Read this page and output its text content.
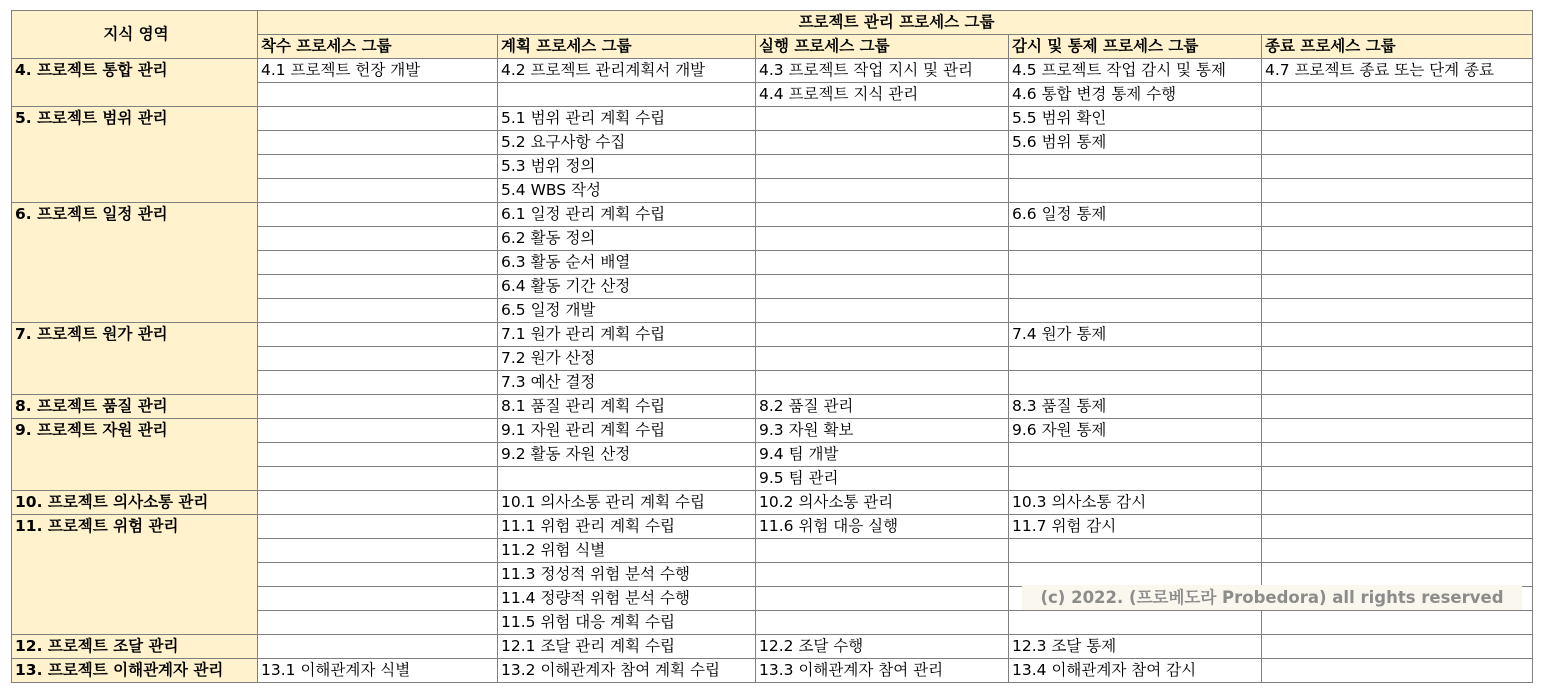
지식 영역	프로젝트 관리 프로세스 그룹				
	착수 프로세스 그룹	계획 프로세스 그룹	실행 프로세스 그룹	감시 및 통제 프로세스 그룹	종료 프로세스 그룹
4. 프로젝트 통합 관리	4.1 프로젝트 헌장 개발	4.2 프로젝트 관리계획서 개발	4.3 프로젝트 작업 지시 및 관리	4.5 프로젝트 작업 감시 및 통제	4.7 프로젝트 종료 또는 단계 종료
			4.4 프로젝트 지식 관리	4.6 통합 변경 통제 수행	
5. 프로젝트 범위 관리		5.1 범위 관리 계획 수립		5.5 범위 확인	
		5.2 요구사항 수집		5.6 범위 통제	
		5.3 범위 정의			
		5.4 WBS 작성			
6. 프로젝트 일정 관리		6.1 일정 관리 계획 수립		6.6 일정 통제	
		6.2 활동 정의			
		6.3 활동 순서 배열			
		6.4 활동 기간 산정			
		6.5 일정 개발			
7. 프로젝트 원가 관리		7.1 원가 관리 계획 수립		7.4 원가 통제	
		7.2 원가 산정			
		7.3 예산 결정			
8. 프로젝트 품질 관리		8.1 품질 관리 계획 수립	8.2 품질 관리	8.3 품질 통제	
9. 프로젝트 자원 관리		9.1 자원 관리 계획 수립	9.3 자원 확보	9.6 자원 통제	
		9.2 활동 자원 산정	9.4 팀 개발		
			9.5 팀 관리		
10. 프로젝트 의사소통 관리		10.1 의사소통 관리 계획 수립	10.2 의사소통 관리	10.3 의사소통 감시	
11. 프로젝트 위험 관리		11.1 위험 관리 계획 수립	11.6 위험 대응 실행	11.7 위험 감시	
		11.2 위험 식별			
		11.3 정성적 위험 분석 수행			
		11.4 정량적 위험 분석 수행			
		11.5 위험 대응 계획 수립			
12. 프로젝트 조달 관리		12.1 조달 관리 계획 수립	12.2 조달 수행	12.3 조달 통제	
13. 프로젝트 이해관계자 관리	13.1 이해관계자 식별	13.2 이해관계자 참여 계획 수립	13.3 이해관계자 참여 관리	13.4 이해관계자 참여 감시	
(c) 2022. (프로베도라 Probedora) all rights reserved
